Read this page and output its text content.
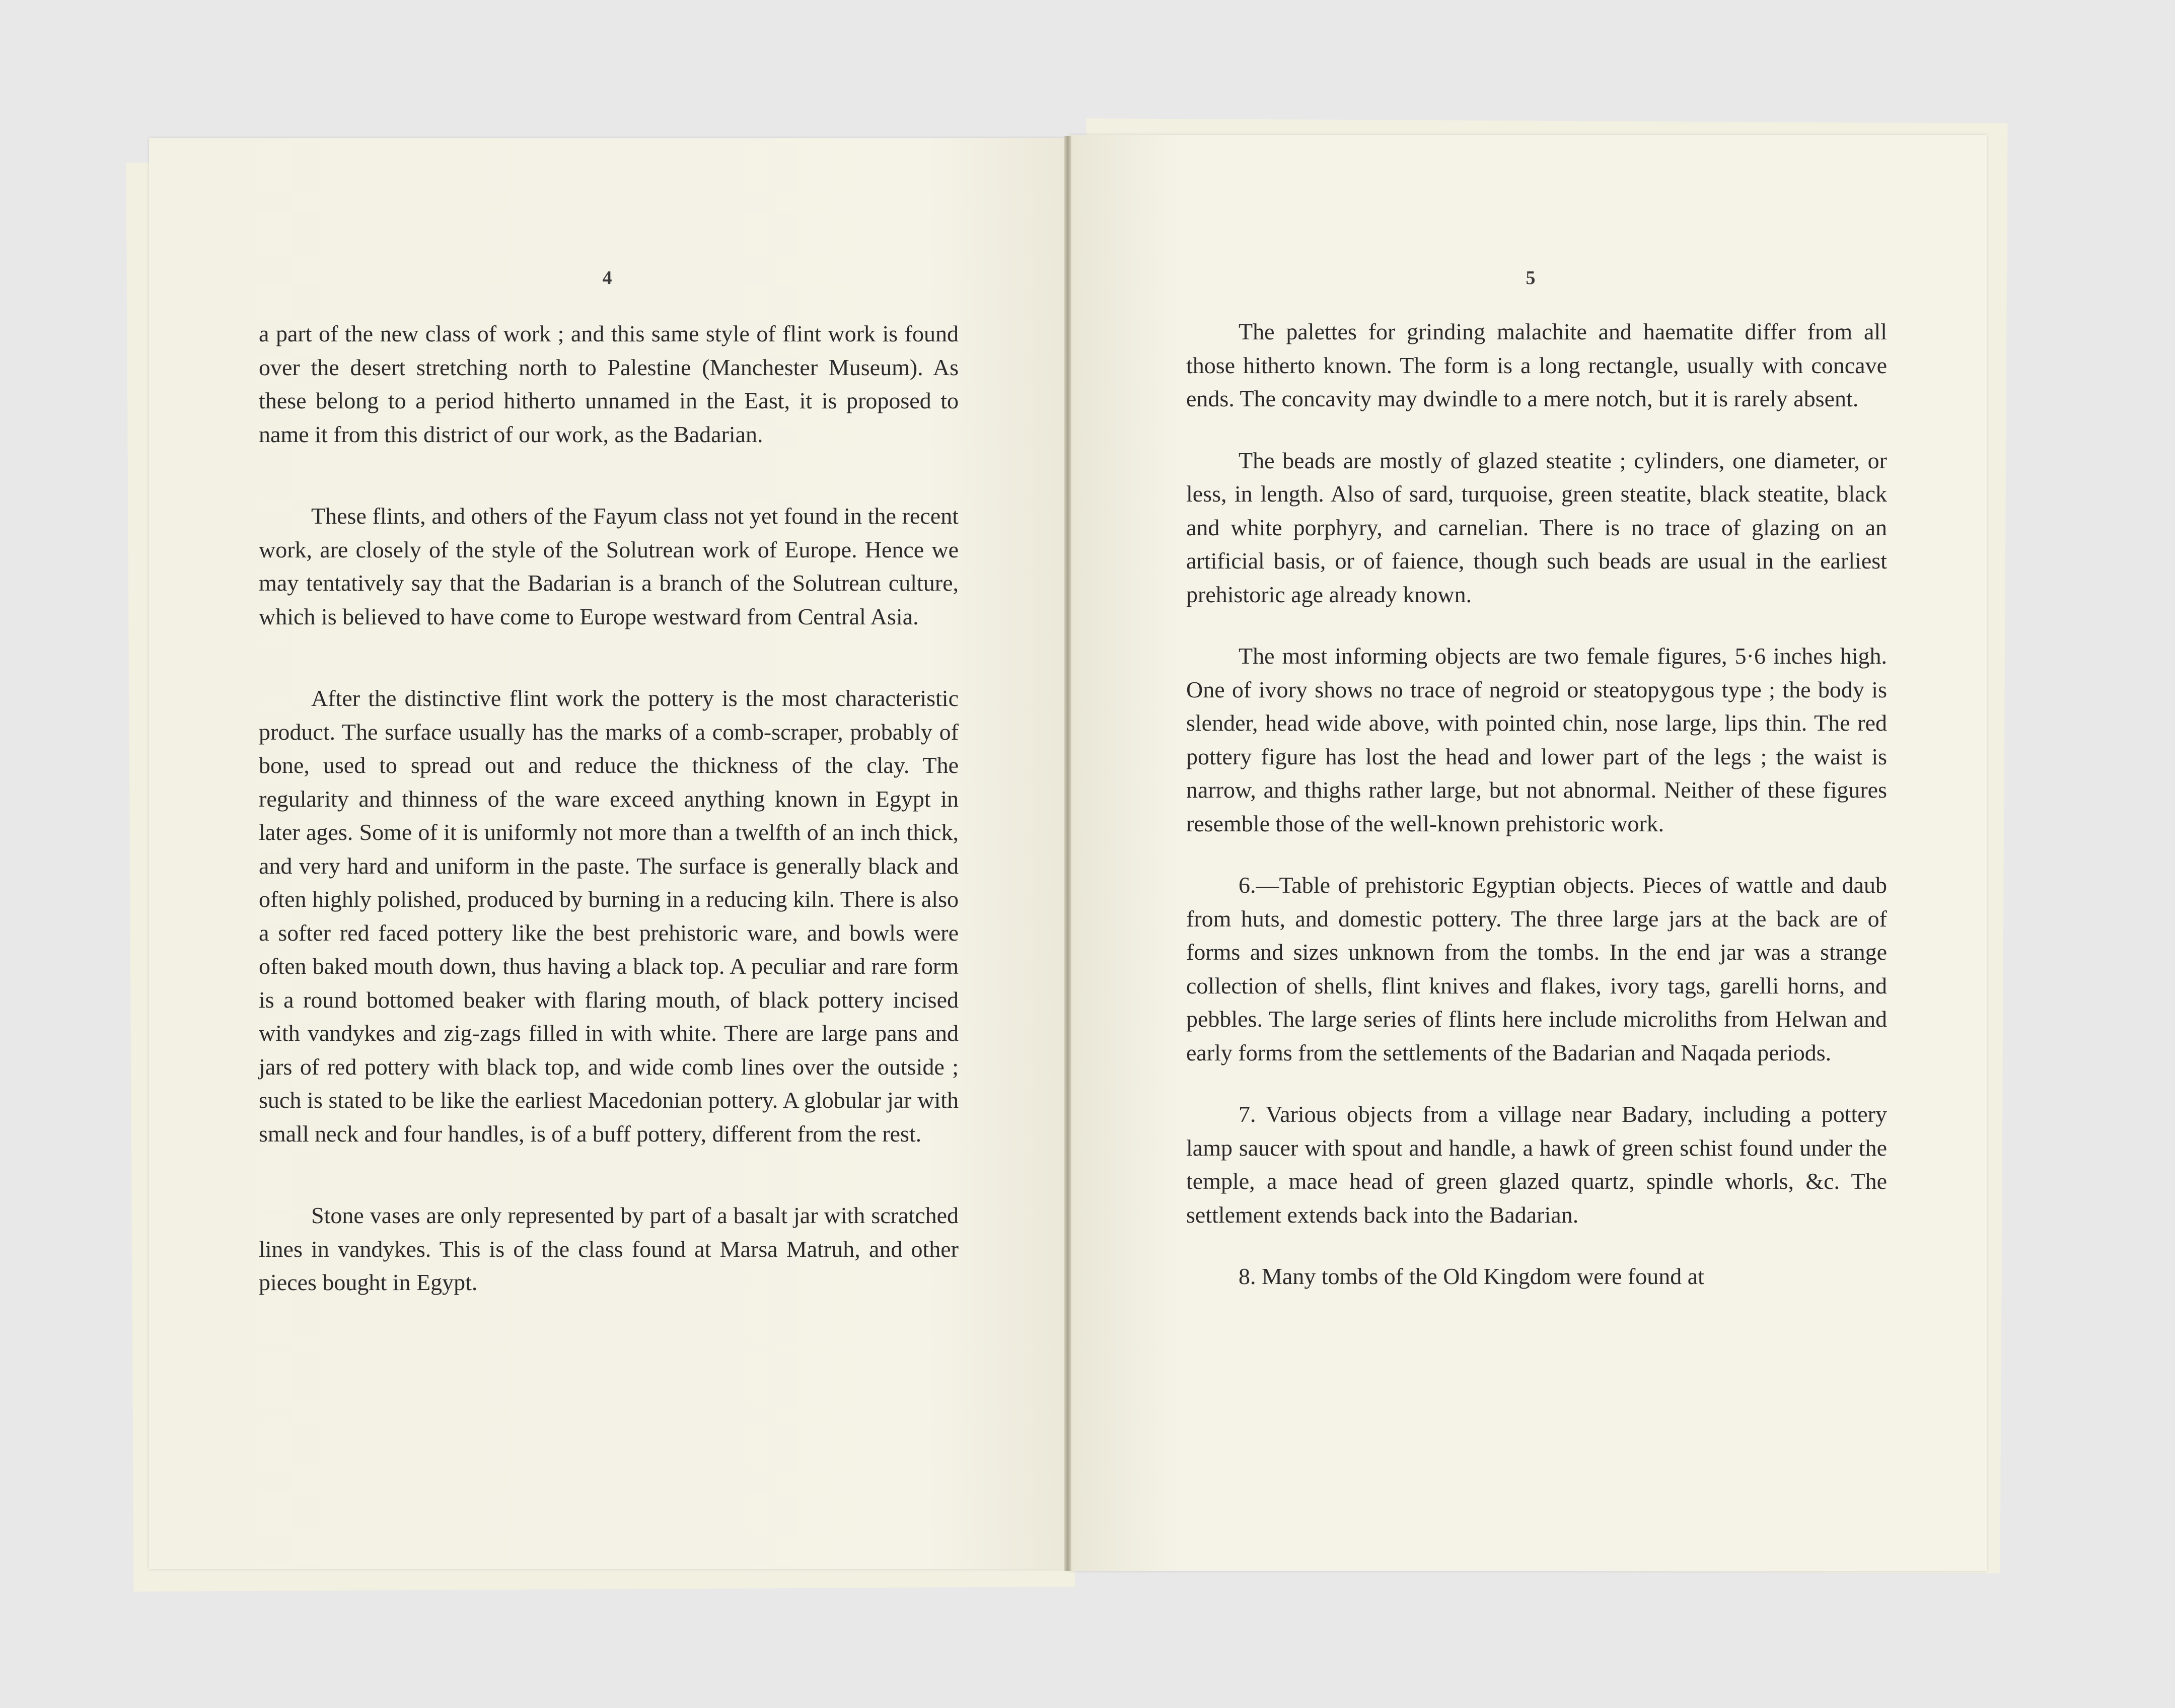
4	5

a part of the new class of work ; and this same style of flint work is found over the desert stretching north to Palestine (Manchester Museum). As these belong to a period hitherto unnamed in the East, it is proposed to name it from this district of our work, as the Badarian.

These flints, and others of the Fayum class not yet found in the recent work, are closely of the style of the Solutrean work of Europe. Hence we may tentatively say that the Badarian is a branch of the Solutrean culture, which is believed to have come to Europe westward from Central Asia.

After the distinctive flint work the pottery is the most characteristic product. The surface usually has the marks of a comb-scraper, probably of bone, used to spread out and reduce the thickness of the clay. The regularity and thinness of the ware exceed anything known in Egypt in later ages. Some of it is uniformly not more than a twelfth of an inch thick, and very hard and uniform in the paste. The surface is generally black and often highly polished, produced by burning in a reducing kiln. There is also a softer red faced pottery like the best prehistoric ware, and bowls were often baked mouth down, thus having a black top. A peculiar and rare form is a round bottomed beaker with flaring mouth, of black pottery incised with vandykes and zig-zags filled in with white. There are large pans and jars of red pottery with black top, and wide comb lines over the outside ; such is stated to be like the earliest Macedonian pottery. A globular jar with small neck and four handles, is of a buff pottery, different from the rest.

Stone vases are only represented by part of a basalt jar with scratched lines in vandykes. This is of the class found at Marsa Matruh, and other pieces bought in Egypt.

The palettes for grinding malachite and haematite differ from all those hitherto known. The form is a long rectangle, usually with concave ends. The concavity may dwindle to a mere notch, but it is rarely absent.

The beads are mostly of glazed steatite ; cylinders, one diameter, or less, in length. Also of sard, turquoise, green steatite, black steatite, black and white porphyry, and carnelian. There is no trace of glazing on an artificial basis, or of faience, though such beads are usual in the earliest prehistoric age already known.

The most informing objects are two female figures, 5·6 inches high. One of ivory shows no trace of negroid or steatopygous type ; the body is slender, head wide above, with pointed chin, nose large, lips thin. The red pottery figure has lost the head and lower part of the legs ; the waist is narrow, and thighs rather large, but not abnormal. Neither of these figures resemble those of the well-known prehistoric work.

6.—Table of prehistoric Egyptian objects. Pieces of wattle and daub from huts, and domestic pottery. The three large jars at the back are of forms and sizes unknown from the tombs. In the end jar was a strange collection of shells, flint knives and flakes, ivory tags, garelli horns, and pebbles. The large series of flints here include microliths from Helwan and early forms from the settlements of the Badarian and Naqada periods.

7. Various objects from a village near Badary, including a pottery lamp saucer with spout and handle, a hawk of green schist found under the temple, a mace head of green glazed quartz, spindle whorls, &c. The settlement extends back into the Badarian.

8. Many tombs of the Old Kingdom were found at
